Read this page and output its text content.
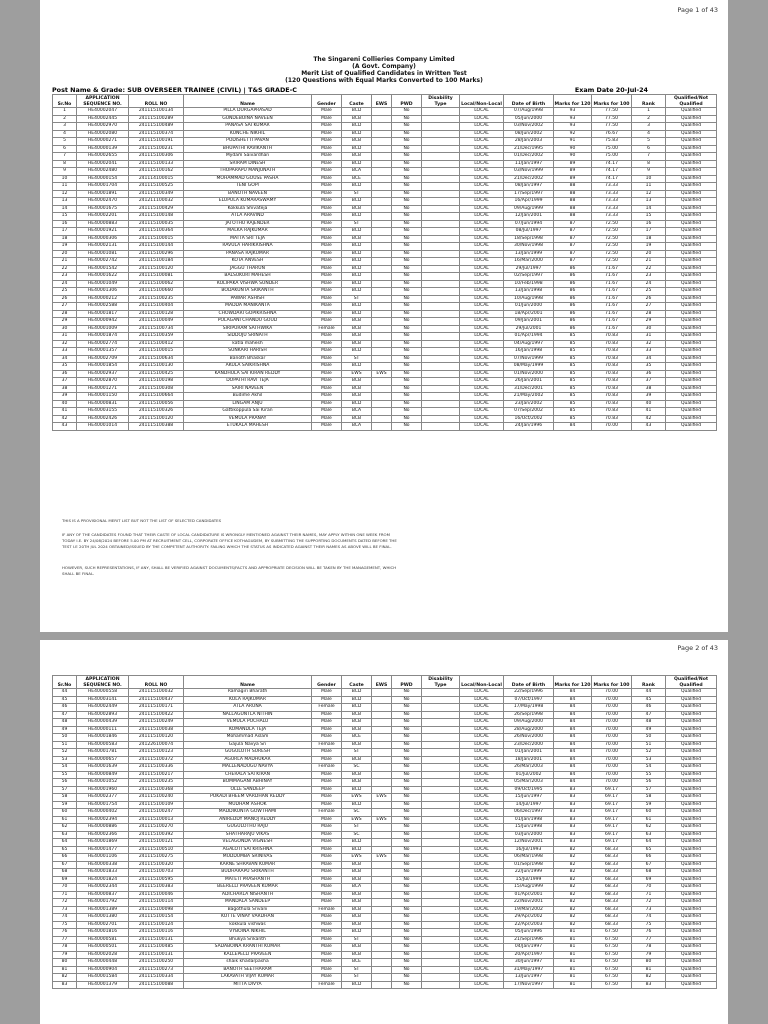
Page 1 of 43
The Singareni Collieries Company Limited
(A Govt. Company)
Merit List of Qualified Candidates in Written Test
(120 Questions with Equal Marks Converted to 100 Marks)
Post Name & Grade: SUB OVERSEER TRAINEE (CIVIL) | T&S GRADE-C	Exam Date 20-Jul-24
Sr.No	APPLICATION SEQUENCE NO.	ROLL NO	Name	Gender	Caste	EWS	PWD	Disability Type	Local/Non-Local	Date of Birth	Marks for 120	Marks for 100	Rank	Qualified/Not Qualified
1	HE40002047	241115100134	PILLA DURGAPRASAD	Male	BCD		No		LOCAL	07/Aug/1998	93	77.50	1	Qualified
2	HE40002445	241115100289	GUNDEBOINA NAVEEN	Male	BCB		No		LOCAL	05/Jun/2000	93	77.50	2	Qualified
3	HE40002970	241115100489	PANASA SAI KUMAR	Male	BCD		No		LOCAL	03/Nov/2002	93	77.50	3	Qualified
4	HE40002080	241115100374	KUNCHE NIKHIL	Male	BCD		No		LOCAL	08/Jun/2002	92	76.67	4	Qualified
5	HE40000271	241115100191	PODISHETTI PAVAN	Male	BCB		No		LOCAL	28/Jan/2003	91	75.83	5	Qualified
6	HE40000139	241115100231	BHUPATHI RAVIKANTH	Male	BCD		No		LOCAL	21/Dec/1995	90	75.00	6	Qualified
7	HE40002655	241115100306	Mydam Saivardhan	Male	BCB		No		LOCAL	01/Dec/2002	90	75.00	7	Qualified
8	HE40002041	241115100133	SRIRAM DINESH	Male	BCD		No		LOCAL	11/Jan/1997	89	74.17	8	Qualified
9	HE40002480	241115100162	THOPARAPU MANJUNATH	Male	BCA		No		LOCAL	03/Nov/1999	89	74.17	9	Qualified
10	HE40000154	241114100015	MOHAMMAD GOUSE PASHA	Male	BCE		No		LOCAL	21/Dec/2002	89	74.17	10	Qualified
11	HE40001704	241115100525	TENI GOPI	Male	BCD		No		LOCAL	08/Jan/1997	88	73.33	11	Qualified
12	HE40001891	241115100349	BANOTH NAVEEN	Male	ST		No		LOCAL	17/Sep/1997	88	73.33	12	Qualified
13	HE40002470	241211100032	ELUPULA KUMARASWAMY	Male	BCD		No		LOCAL	16/Apr/1999	88	73.33	13	Qualified
14	HE40001675	241115100429	Kokkula Shivateja	Male	BCB		No		LOCAL	09/Aug/1999	88	73.33	14	Qualified
15	HE40002201	241115100148	ATLA ARAVIND	Male	BCD		No		LOCAL	12/Jan/2001	88	73.33	15	Qualified
16	HE40000883	241115100035	JATOTHU RAJENDER	Male	ST		No		LOCAL	07/Jun/1994	87	72.50	16	Qualified
17	HE40001921	241115100364	MALKA RAJKUMAR	Male	BCD		No		LOCAL	08/Jul/1997	87	72.50	17	Qualified
18	HE40000306	241115100015	MATTA SRI TEJA	Male	BCB		No		LOCAL	18/Sep/1998	87	72.50	18	Qualified
19	HE40002131	241115100144	RAVULA HARIKRISHNA	Male	BCD		No		LOCAL	30/Nov/1998	87	72.50	19	Qualified
20	HE40001081	241115100296	PANASA RAJKUMAR	Male	BCD		No		LOCAL	13/Jan/1999	87	72.50	20	Qualified
21	HE40002742	241115100184	KOTA ANVESH	Male	BCD		No		LOCAL	16/Mar/2000	87	72.50	21	Qualified
22	HE40001542	241115100120	JAGGU THARUN	Male	BCD		No		LOCAL	29/Jul/1997	86	71.67	22	Qualified
23	HE40001622	241115100081	BALSUKURI MAHESH	Male	BCD		No		LOCAL	02/Sep/1997	86	71.67	23	Qualified
24	HE40001049	241115100062	KOLIPAKA VISHWA SUNDER	Male	BCD		No		LOCAL	10/Feb/1998	86	71.67	24	Qualified
25	HE40001306	241115100660	BODAKUNTA SRIKANTH	Male	BCD		No		LOCAL	13/Jan/1998	86	71.67	25	Qualified
26	HE40000212	241115100235	PAWAR ASHISH	Male	ST		No		LOCAL	10/Aug/1998	86	71.67	26	Qualified
27	HE40002588	241115100404	MADDA MANIKANTA	Male	BCD		No		LOCAL	01/Jun/2000	86	71.67	27	Qualified
28	HE40001817	241115100128	CHOWDARI GOPIKRISHNA	Male	BCD		No		LOCAL	18/Apr/2001	86	71.67	28	Qualified
29	HE40000942	241115100049	POLAGANI CHANDU GOUD	Male	BCB		No		LOCAL	09/Jan/2001	86	71.67	29	Qualified
30	HE40001009	241115100734	SIRIPURAM SATHWIKA	Female	BCB		No		LOCAL	29/Jul/2001	86	71.67	30	Qualified
31	HE40001874	241115100359	SIDDOJU SRINATH	Male	BCB		No		LOCAL	01/Apr/1994	85	70.83	31	Qualified
32	HE40002774	241115100412	katla mahesh	Male	BCB		No		LOCAL	04/Aug/1997	85	70.83	32	Qualified
33	HE40001357	241115100015	SUNKARI HARISH	Male	BCD		No		LOCAL	16/Jan/1998	85	70.83	33	Qualified
34	HE40002709	241115100634	Banoth Bhaskar	Male	ST		No		LOCAL	07/Nov/1999	85	70.83	34	Qualified
35	HE40001854	241115100130	AKULA SAIKRISHNA	Male	BCD		No		LOCAL	08/May/1999	85	70.83	35	Qualified
36	HE40002937	241115100425	KANDHULA SAI KIRAN REDDY	Male	EWS	EWS	No		LOCAL	01/Nov/2000	85	70.83	36	Qualified
37	HE40002870	241115100198	DOPATHI RAVI TEJA	Male	BCB		No		LOCAL	26/Jan/2001	85	70.83	37	Qualified
38	HE40001271	241115100308	SAIRI NAVEEN	Male	BCB		No		LOCAL	31/Dec/2001	85	70.83	38	Qualified
39	HE40001150	241115100664	Budime Akhil	Male	BCB		No		LOCAL	21/May/2002	85	70.83	39	Qualified
40	HE40000831	241115100056	LINGAM ANJU	Male	BCD		No		LOCAL	23/Jan/2002	85	70.83	40	Qualified
41	HE40003155	241115100326	Gattikoppula Sai Kiran	Male	BCA		No		LOCAL	07/Sep/2002	85	70.83	41	Qualified
42	HE40002426	241115100120	VEMULA PRANAY	Male	BCB		No		LOCAL	16/Oct/2002	85	70.83	42	Qualified
43	HE40001014	241115100388	ETUKALA MAHESH	Male	BCA		No		LOCAL	24/Jan/1996	84	70.00	43	Qualified
THIS IS A PROVISIONAL MERIT LIST BUT NOT THE LIST OF SELECTED CANDIDATES
IF ANY OF THE CANDIDATES FOUND THAT THEIR CASTE OF LOCAL CANDIDATURE IS WRONGLY MENTIONED AGAINST THEIR NAMES, MAY APPLY WITHIN ONE WEEK FROM TODAY I.E. BY 24/08/2024 BEFORE 5.00 PM AT RECRUITMENT CELL, CORPORATE OFFICE KOTHAGUDEM, BY SUBMITTING THE SUPPORTING DOCUMENTS DATED BEFORE THE TEST I.E 20TH JUL 2024 OBTAINED/ISSUED BY THE COMPETENT AUTHORITY. FAILING WHICH THE STATUS AS INDICATED AGAINST THEIR NAMES AS ABOVE WILL BE FINAL.
HOWEVER, SUCH REPRESENTATIONS, IF ANY, SHALL BE VERIFIED AGAINST DOCUMENTS/FACTS AND APPROPRIATE DECISION WILL BE TAKEN BY THE MANAGEMENT, WHICH SHALL BE FINAL.
Page 2 of 43
Sr.No	APPLICATION SEQUENCE NO.	ROLL NO	Name	Gender	Caste	EWS	PWD	Disability Type	Local/Non-Local	Date of Birth	Marks for 120	Marks for 100	Rank	Qualified/Not Qualified
44	HE40000558	241115100032	Ramagiri Bharath	Male	BCD		No		LOCAL	22/Sep/1996	84	70.00	44	Qualified
45	HE40003141	241115100437	KOLA RAJKUMAR	Male	BCD		No		LOCAL	07/Oct/1997	84	70.00	45	Qualified
46	HE40002449	241115100171	ATLA ARUNA	Female	BCD		No		LOCAL	17/May/1998	84	70.00	46	Qualified
47	HE40002893	241115100422	NALLAGUNTLA NITHIN	Male	BCB		No		LOCAL	26/Sep/1998	84	70.00	47	Qualified
48	HE40000439	241115100249	VEMULA POCHALU	Male	BCB		No		LOCAL	09/Aug/2000	84	70.00	48	Qualified
49	HE40000111	241115100038	KOMANDLA TEJA	Male	BCB		No		LOCAL	28/Aug/2000	84	70.00	49	Qualified
50	HE40001846	241115100120	Mohammad Aslam	Male	BCE		No		LOCAL	26/Nov/2000	84	70.00	50	Qualified
51	HE40000583	241226100074	Gajula Navya Sri	Female	BCB		No		LOCAL	23/Dec/2000	84	70.00	51	Qualified
52	HE40001781	241115100123	GUGULOTH SURESH	Male	ST		No		LOCAL	01/Jan/2001	84	70.00	52	Qualified
53	HE40000657	241115100372	AGURLA MADHUKAR	Male	BCB		No		LOCAL	18/Jan/2001	84	70.00	53	Qualified
54	HE40001639	241115100336	MALLENADUGU NAVYA	Female	SC		No		LOCAL	26/Mar/2003	84	70.00	54	Qualified
55	HE40000849	241115100217	CHERALA SAI KIRAN	Male	BCB		No		LOCAL	01/Jul/2002	84	70.00	55	Qualified
56	HE40001052	241115100235	BOMMAGANI ABHINAY	Male	BCB		No		LOCAL	05/Mar/2003	84	70.00	56	Qualified
57	HE40001960	241115100368	OLLE SANDEEP	Male	BCD		No		LOCAL	09/Oct/1995	83	69.17	57	Qualified
58	HE40002377	241115100240	POKADI BHEEM VARDHAN REDDY	Male	EWS	EWS	No		LOCAL	15/Jun/1997	83	69.17	58	Qualified
59	HE40001754	241115100109	MUDHAM ASHOK	Male	BCD		No		LOCAL	14/Jul/1997	83	69.17	59	Qualified
60	HE40000402	241115100247	MADDIKUNTA GOWTHAMI	Female	SC		No		LOCAL	06/Dec/1997	83	69.17	60	Qualified
61	HE40002394	241115100013	ANIREDDY MANOJ REDDY	Male	EWS	EWS	No		LOCAL	01/Jan/1998	83	69.17	61	Qualified
62	HE40000886	241115100270	GUGULOTHU RAJU	Male	ST		No		LOCAL	15/Jun/1998	83	69.17	62	Qualified
63	HE40002366	241115100392	SHATHARAJU VIKAS	Male	SC		No		LOCAL	03/Jun/2000	83	69.17	63	Qualified
64	HE40001869	241115100121	VELAGONDA VIGNESH	Male	BCD		No		LOCAL	12/Nov/2001	83	69.17	64	Qualified
65	HE40001477	241115100510	AGALOTI SAI KRISHNA	Male	BCD		No		LOCAL	16/Jul/1993	82	68.33	65	Qualified
66	HE40001106	241115100275	MUDDUMBA SRINIVAS	Male	EWS	EWS	No		LOCAL	06/Mar/1998	82	68.33	66	Qualified
67	HE40000338	241115100320	KARNE SHRAVAN KUMAR	Male	BCB		No		LOCAL	01/Sep/1998	82	68.33	67	Qualified
68	HE40001833	241115100703	BUDHARAPU SRIKANTH	Male	BCB		No		LOCAL	22/Jun/1999	82	68.33	68	Qualified
69	HE40001824	241115100595	MATETI PRASHANTH	Male	BCB		No		LOCAL	15/Jul/1999	82	68.33	69	Qualified
70	HE40002344	241115100383	BEERELLI PRAVEEN KUMAR	Male	BCA		No		LOCAL	15/Aug/1999	82	68.33	70	Qualified
71	HE40000837	241115100046	ADICHARLA NISHANTH	Male	BCB		No		LOCAL	01/Apr/2001	82	68.33	71	Qualified
72	HE40001792	241115100114	MANDALA SANDEEP	Male	BCB		No		LOCAL	22/Nov/2001	82	68.33	72	Qualified
73	HE40001389	241115100098	Bagothula Srivani	Female	BCB		No		LOCAL	19/Mar/2002	82	68.33	73	Qualified
74	HE40001380	241115100154	KOTTE VINAY VARDHAN	Male	BCB		No		LOCAL	29/Apr/2002	82	68.33	74	Qualified
75	HE40002701	241115100124	kokkula vishwas	Male	BCB		No		LOCAL	22/Apr/2003	82	68.33	75	Qualified
76	HE40001816	241115100116	VYBOINA NIKHIL	Male	BCD		No		LOCAL	05/Jun/1996	81	67.50	76	Qualified
77	HE40000581	241115100131	Bhukya Srikanth	Male	ST		No		LOCAL	21/Sep/1996	81	67.50	77	Qualified
78	HE40000501	241115100485	SADABOINA KRANTHI KUMAR	Male	BCB		No		LOCAL	04/Jan/1997	81	67.50	78	Qualified
79	HE40002028	241115100131	KALLEPELLI PRAVEEN	Male	BCB		No		LOCAL	20/Apr/1997	81	67.50	79	Qualified
80	HE40000448	241115100250	shaik khadarpasha	Male	BCE		No		LOCAL	30/Jun/1997	81	67.50	80	Qualified
81	HE40000904	241115100273	BANOTH SEETHARAM	Male	ST		No		LOCAL	31/May/1997	81	67.50	81	Qualified
82	HE40001584	241115100334	LAKAVATH VIJAY KUMAR	Male	ST		No		LOCAL	13/Jun/1997	81	67.50	82	Qualified
83	HE40001379	241115100088	MITTA DIVYA	Female	BCD		No		LOCAL	17/Nov/1997	81	67.50	83	Qualified
